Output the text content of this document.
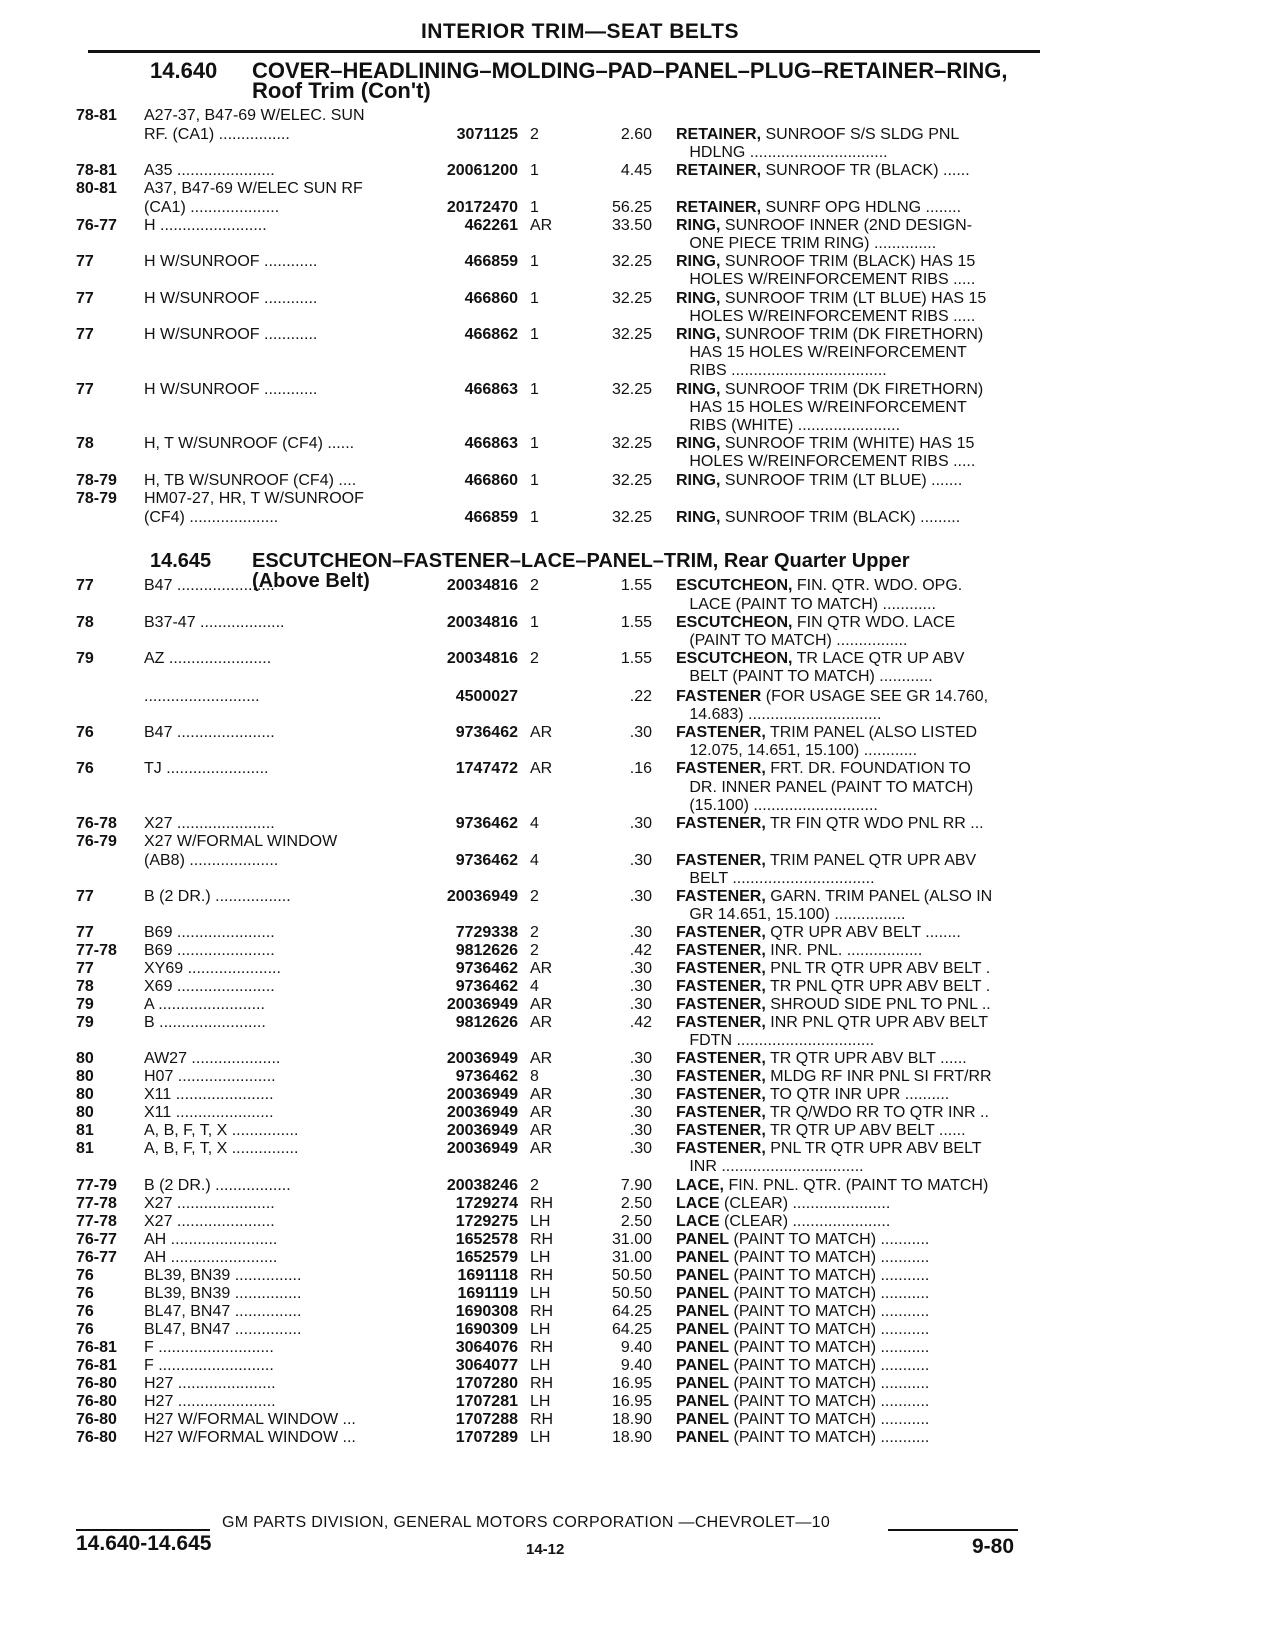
INTERIOR TRIM—SEAT BELTS
14.640 COVER–HEADLINING–MOLDING–PAD–PANEL–PLUG–RETAINER–RING,
Roof Trim (Con't)
14.645 ESCUTCHEON–FASTENER–LACE–PANEL–TRIM, Rear Quarter Upper
(Above Belt)
78-81	A27-37, B47-69 W/ELEC. SUN
RF. (CA1) ................	3071125 2	2.60 RETAINER, SUNROOF S/S SLDG PNL
HDLNG ...............................
78-81	A35 ......................	20061200 1	4.45 RETAINER, SUNROOF TR (BLACK) ......
80-81	A37, B47-69 W/ELEC SUN RF
(CA1) ....................	20172470 1	56.25 RETAINER, SUNRF OPG HDLNG ........
76-77	H ........................	462261 AR	33.50 RING, SUNROOF INNER (2ND DESIGN-
ONE PIECE TRIM RING) ..............
77	H W/SUNROOF ............	466859 1	32.25 RING, SUNROOF TRIM (BLACK) HAS 15
HOLES W/REINFORCEMENT RIBS .....
77	H W/SUNROOF ............	466860 1	32.25 RING, SUNROOF TRIM (LT BLUE) HAS 15
HOLES W/REINFORCEMENT RIBS .....
77	H W/SUNROOF ............	466862 1	32.25 RING, SUNROOF TRIM (DK FIRETHORN)
HAS 15 HOLES W/REINFORCEMENT
RIBS ...................................
77	H W/SUNROOF ............	466863 1	32.25 RING, SUNROOF TRIM (DK FIRETHORN)
HAS 15 HOLES W/REINFORCEMENT
RIBS (WHITE) .......................
78	H, T W/SUNROOF (CF4) ......	466863 1	32.25 RING, SUNROOF TRIM (WHITE) HAS 15
HOLES W/REINFORCEMENT RIBS .....
78-79	H, TB W/SUNROOF (CF4) ....	466860 1	32.25 RING, SUNROOF TRIM (LT BLUE) .......
78-79	HM07-27, HR, T W/SUNROOF
(CF4) ....................	466859 1	32.25 RING, SUNROOF TRIM (BLACK) .........
77	B47 ......................	20034816 2	1.55 ESCUTCHEON, FIN. QTR. WDO. OPG.
LACE (PAINT TO MATCH) ............
78	B37-47 ...................	20034816 1	1.55 ESCUTCHEON, FIN QTR WDO. LACE
(PAINT TO MATCH) ................
79	AZ .......................	20034816 2	1.55 ESCUTCHEON, TR LACE QTR UP ABV
BELT (PAINT TO MATCH) ............
..........................	4500027	.22 FASTENER (FOR USAGE SEE GR 14.760,
14.683) ..............................
76	B47 ......................	9736462 AR	.30 FASTENER, TRIM PANEL (ALSO LISTED
12.075, 14.651, 15.100) ............
76	TJ .......................	1747472 AR	.16 FASTENER, FRT. DR. FOUNDATION TO
DR. INNER PANEL (PAINT TO MATCH)
(15.100) ............................
76-78	X27 ......................	9736462 4	.30 FASTENER, TR FIN QTR WDO PNL RR ...
76-79	X27 W/FORMAL WINDOW
(AB8) ....................	9736462 4	.30 FASTENER, TRIM PANEL QTR UPR ABV
BELT ................................
77	B (2 DR.) .................	20036949 2	.30 FASTENER, GARN. TRIM PANEL (ALSO IN
GR 14.651, 15.100) ................
77	B69 ......................	7729338 2	.30 FASTENER, QTR UPR ABV BELT ........
77-78	B69 ......................	9812626 2	.42 FASTENER, INR. PNL. .................
77	XY69 .....................	9736462 AR	.30 FASTENER, PNL TR QTR UPR ABV BELT .
78	X69 ......................	9736462 4	.30 FASTENER, TR PNL QTR UPR ABV BELT .
79	A ........................	20036949 AR	.30 FASTENER, SHROUD SIDE PNL TO PNL ..
79	B ........................	9812626 AR	.42 FASTENER, INR PNL QTR UPR ABV BELT
FDTN ...............................
80	AW27 ....................	20036949 AR	.30 FASTENER, TR QTR UPR ABV BLT ......
80	H07 ......................	9736462 8	.30 FASTENER, MLDG RF INR PNL SI FRT/RR
80	X11 ......................	20036949 AR	.30 FASTENER, TO QTR INR UPR ..........
80	X11 ......................	20036949 AR	.30 FASTENER, TR Q/WDO RR TO QTR INR ..
81	A, B, F, T, X ...............	20036949 AR	.30 FASTENER, TR QTR UP ABV BELT ......
81	A, B, F, T, X ...............	20036949 AR	.30 FASTENER, PNL TR QTR UPR ABV BELT
INR ................................
77-79	B (2 DR.) .................	20038246 2	7.90 LACE, FIN. PNL. QTR. (PAINT TO MATCH)
77-78	X27 ......................	1729274 RH	2.50 LACE (CLEAR) ......................
77-78	X27 ......................	1729275 LH	2.50 LACE (CLEAR) ......................
76-77	AH ........................	1652578 RH	31.00 PANEL (PAINT TO MATCH) ...........
76-77	AH ........................	1652579 LH	31.00 PANEL (PAINT TO MATCH) ...........
76	BL39, BN39 ...............	1691118 RH	50.50 PANEL (PAINT TO MATCH) ...........
76	BL39, BN39 ...............	1691119 LH	50.50 PANEL (PAINT TO MATCH) ...........
76	BL47, BN47 ...............	1690308 RH	64.25 PANEL (PAINT TO MATCH) ...........
76	BL47, BN47 ...............	1690309 LH	64.25 PANEL (PAINT TO MATCH) ...........
76-81	F ..........................	3064076 RH	9.40 PANEL (PAINT TO MATCH) ...........
76-81	F ..........................	3064077 LH	9.40 PANEL (PAINT TO MATCH) ...........
76-80	H27 ......................	1707280 RH	16.95 PANEL (PAINT TO MATCH) ...........
76-80	H27 ......................	1707281 LH	16.95 PANEL (PAINT TO MATCH) ...........
76-80	H27 W/FORMAL WINDOW ...	1707288 RH	18.90 PANEL (PAINT TO MATCH) ...........
76-80	H27 W/FORMAL WINDOW ...	1707289 LH	18.90 PANEL (PAINT TO MATCH) ...........
GM PARTS DIVISION, GENERAL MOTORS CORPORATION —CHEVROLET—10
14.640-14.645	14-12	9-80
